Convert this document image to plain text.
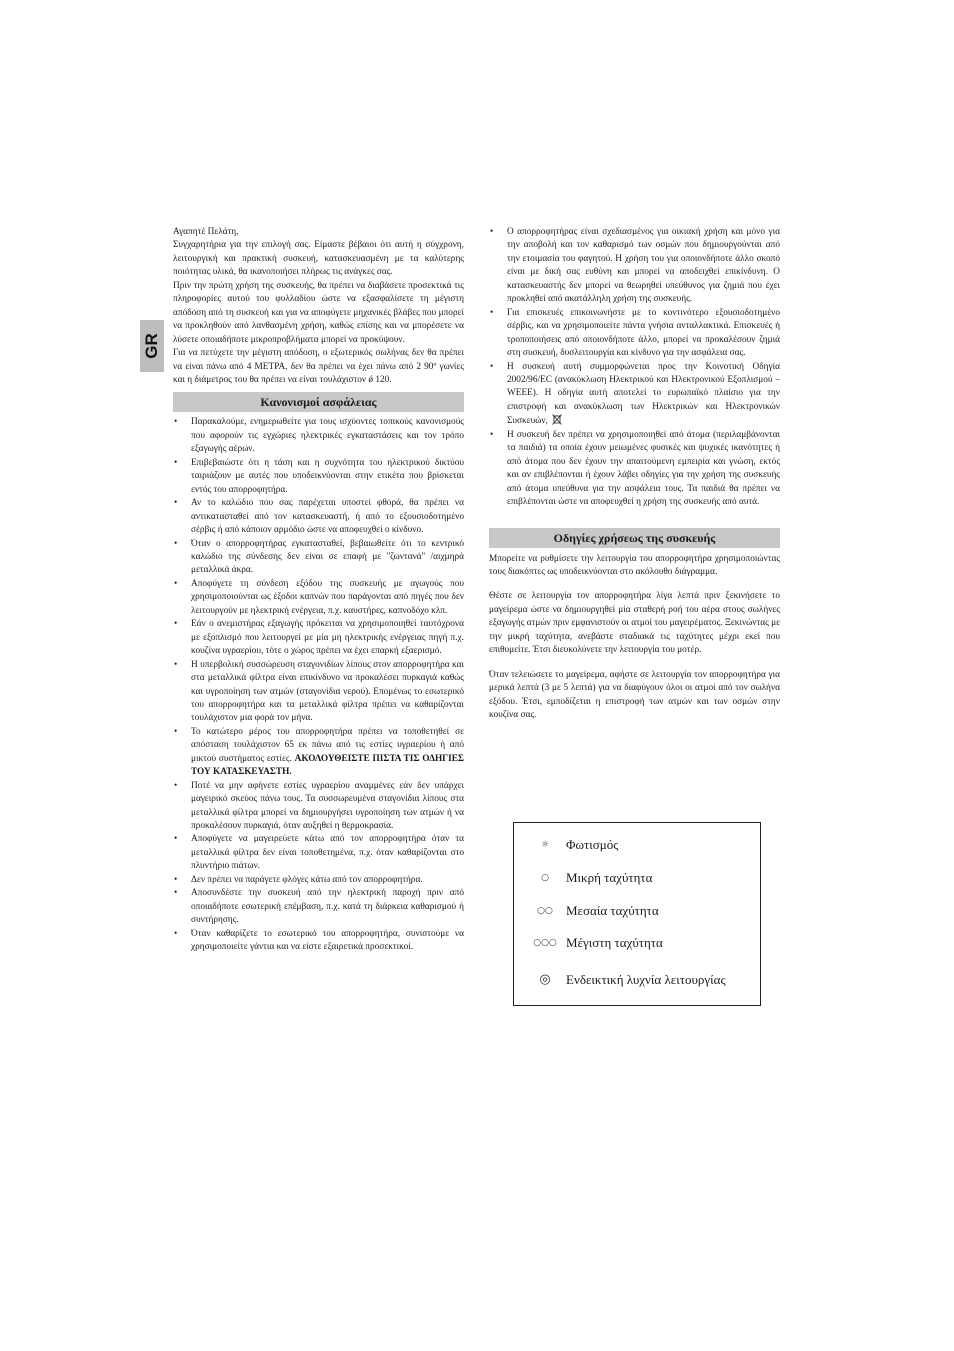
GR

Αγαπητέ Πελάτη,

Συγχαρητήρια για την επιλογή σας. Είμαστε βέβαιοι ότι αυτή η σύγχρονη, λειτουργική και πρακτική συσκευή, κατασκευασμένη με τα καλύτερης ποιότητας υλικά, θα ικανοποιήσει πλήρως τις ανάγκες σας.

Πριν την πρώτη χρήση της συσκευής, θα πρέπει να διαβάσετε προσεκτικά τις πληροφορίες αυτού του φυλλαδίου ώστε να εξασφαλίσετε τη μέγιστη απόδοση από τη συσκευή και για να αποφύγετε μηχανικές βλάβες που μπορεί να προκληθούν από λανθασμένη χρήση, καθώς επίσης και να μπορέσετε να λύσετε οποιαδήποτε μικροπροβλήματα μπορεί να προκύψουν.

Για να πετύχετε την μέγιστη απόδοση, ο εξωτερικός σωλήνας δεν θα πρέπει να είναι πάνω από 4 ΜΕΤΡΑ, δεν θα πρέπει να έχει πάνω από 2 90º γωνίες και η διάμετρος του θα πρέπει να είναι τουλάχιστον ǿ 120.

Κανονισμοί ασφάλειας
• Παρακαλούμε, ενημερωθείτε για τους ισχύοντες τοπικούς κανονισμούς που αφορούν τις εγχώριες ηλεκτρικές εγκαταστάσεις και τον τρόπο εξαγωγής αέρων.
• Επιβεβαιώστε ότι η τάση και η συχνότητα του ηλεκτρικού δικτύου ταιριάζουν με αυτές που υποδεικνύονται στην ετικέτα που βρίσκεται εντός του απορροφητήρα.
• Αν το καλώδιο που σας παρέχεται υποστεί φθορά, θα πρέπει να αντικατασταθεί από τον κατασκευαστή, ή από το εξουσιοδοτημένο σέρβις ή από κάποιον αρμόδιο ώστε να αποφευχθεί ο κίνδυνο.
• Όταν ο απορροφητήρας εγκατασταθεί, βεβαιωθείτε ότι το κεντρικό καλώδιο της σύνδεσης δεν είναι σε επαφή με ''ζωντανά'' /αιχμηρά μεταλλικά άκρα.
• Αποφύγετε τη σύνδεση εξόδου της συσκευής με αγωγούς που χρησιμοποιούνται ως έξοδοι καπνών που παράγονται από πηγές που δεν λειτουργούν με ηλεκτρική ενέργεια, π.χ. καυστήρες, καπνοδόχο κλπ.
• Εάν ο ανεμιστήρας εξαγωγής πρόκειται να χρησιμοποιηθεί ταυτόχρονα με εξοπλισμό που λειτουργεί με μία μη ηλεκτρικής ενέργειας πηγή π.χ. κουζίνα υγραερίου, τότε ο χώρος πρέπει να έχει επαρκή εξαερισμό.
• Η υπερβολική συσσώρευση σταγονιδίων λίπους στον απορροφητήρα και στα μεταλλικά φίλτρα είναι επικίνδυνο να προκαλέσει πυρκαγιά καθώς και υγροποίηση των ατμών (σταγονίδια νερού). Επομένως το εσωτερικό του απορροφητήρα και τα μεταλλικά φίλτρα πρέπει να καθαρίζονται τουλάχιστον μια φορά τον μήνα.
• Το κατώτερο μέρος του απορροφητήρα πρέπει να τοποθετηθεί σε απόσταση τουλάχιστον 65 εκ πάνω από τις εστίες υγραερίου ή από μικτού συστήματος εστίες. ΑΚΟΛΟΥΘΕΙΣΤΕ ΠΙΣΤΑ ΤΙΣ ΟΔΗΓΙΕΣ ΤΟΥ ΚΑΤΑΣΚΕΥΑΣΤΗ.
• Ποτέ να μην αφήνετε εστίες υγραερίου αναμμένες εάν δεν υπάρχει μαγειρικό σκεύος πάνω τους. Τα συσσωρευμένα σταγονίδια λίπους στα μεταλλικά φίλτρα μπορεί να δημιουργήσει υγροποίηση των ατμών ή να προκαλέσουν πυρκαγιά, όταν αυξηθεί η θερμοκρασία.
• Αποφύγετε να μαγειρεύετε κάτω από τον απορροφητήρα όταν τα μεταλλικά φίλτρα δεν είναι τοποθετημένα, π.χ. όταν καθαρίζονται στο πλυντήριο πιάτων.
• Δεν πρέπει να παράγετε φλόγες κάτω από τον απορροφητήρα.
• Αποσυνδέστε την συσκευή από την ηλεκτρική παροχή πριν από οποιαδήποτε εσωτερική επέμβαση, π.χ. κατά τη διάρκεια καθαρισμού ή συντήρησης.
• Όταν καθαρίζετε το εσωτερικό του απορροφητήρα, συνιστούμε να χρησιμοποιείτε γάντια και να είστε εξαιρετικά προσεκτικοί.
• Ο απορροφητήρας είναι σχεδιασμένος για οικιακή χρήση και μόνο για την αποβολή και τον καθαρισμό των οσμών που δημιουργούνται από την ετοιμασία του φαγητού. Η χρήση του για οποιονδήποτε άλλο σκοπό είναι με δική σας ευθύνη και μπορεί να αποδειχθεί επικίνδυνη. Ο κατασκευαστής δεν μπορεί να θεωρηθεί υπεύθυνος για ζημιά που έχει προκληθεί από ακατάλληλη χρήση της συσκευής.
• Για επισκευές επικοινωνήστε με το κοντινότερο εξουσιοδοτημένο σέρβις, και να χρησιμοποιείτε πάντα γνήσια ανταλλακτικά. Επισκευές ή τροποποιήσεις από οποιονδήποτε άλλο, μπορεί να προκαλέσουν ζημιά στη συσκευή, δυσλειτουργία και κίνδυνο για την ασφάλεια σας.
• Η συσκευή αυτή συμμορφώνεται προς την Κοινοτική Οδηγία 2002/96/EC (ανακύκλωση Ηλεκτρικού και Ηλεκτρονικού Εξοπλισμού –WEEE). Η οδηγία αυτή αποτελεί το ευρωπαϊκό πλαίσιο για την επιστροφή και ανακύκλωση των Ηλεκτρικών και Ηλεκτρονικών Συσκευών,
• Η συσκευή δεν πρέπει να χρησιμοποιηθεί από άτομα (περιλαμβάνονται τα παιδιά) τα οποία έχουν μειωμένες φυσικές και ψυχικές ικανότητες ή από άτομα που δεν έχουν την απαιτούμενη εμπειρία και γνώση, εκτός και αν επιβλέπονται ή έχουν λάβει οδηγίες για την χρήση της συσκευής από άτομα υπεύθυνα για την ασφάλεια τους. Τα παιδιά θα πρέπει να επιβλέπονται ώστε να αποφευχθεί η χρήση της συσκευής από αυτά.
Οδηγίες χρήσεως της συσκευής

Μπορείτε να ρυθμίσετε την λειτουργία του απορροφητήρα χρησιμοποιώντας τους διακόπτες ως υποδεικνύονται στο ακόλουθο διάγραμμα.

Θέστε σε λειτουργία τον απορροφητήρα λίγα λεπτά πριν ξεκινήσετε το μαγείρεμα ώστε να δημιουργηθεί μία σταθερή ροή του αέρα στους σωλήνες εξαγωγής ατμών πριν εμφανιστούν οι ατμοί του μαγειρέματος. Ξεκινώντας με την μικρή ταχύτητα, ανεβάστε σταδιακά τις ταχύτητες μέχρι εκεί που επιθυμείτε. Έτσι διευκολύνετε την λειτουργία του μοτέρ.

Όταν τελειώσετε το μαγείρεμα, αφήστε σε λειτουργία τον απορροφητήρα για μερικά λεπτά (3 με 5 λεπτά) για να διαφύγουν όλοι οι ατμοί από τον σωλήνα εξόδου. Έτσι, εμποδίζεται η επιστροφή των ατμών και των οσμών στην κουζίνα σας.

☼	Φωτισμός
○	Μικρή ταχύτητα
○○	Μεσαία ταχύτητα
○○○ Μέγιστη ταχύτητα
◎	Ενδεικτική λυχνία λειτουργίας
